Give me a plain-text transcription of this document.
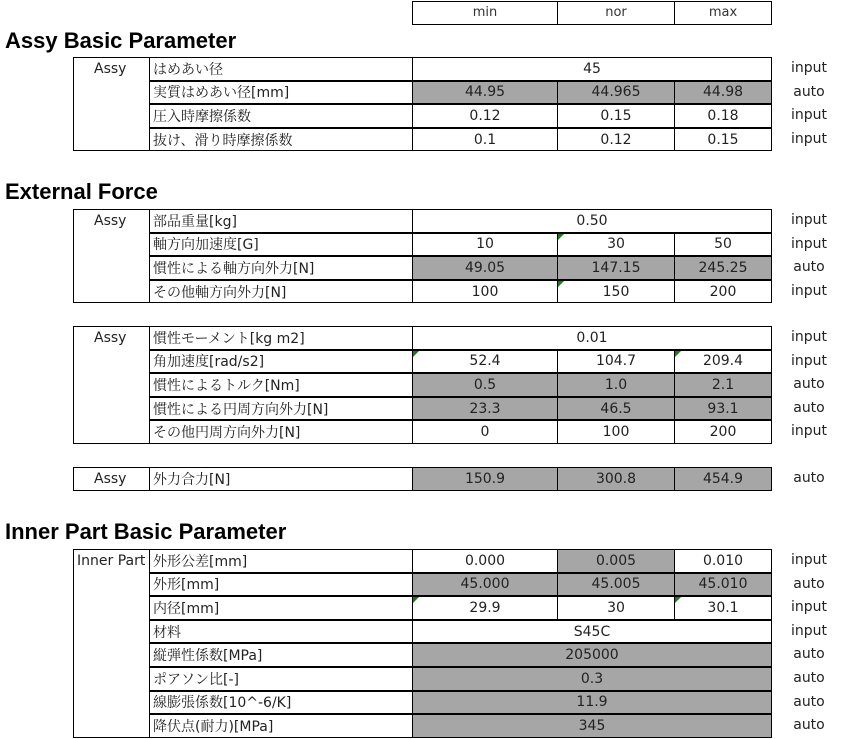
min	nor	max
Assy Basic Parameter
External Force
Inner Part Basic Parameter
Assy はめあい径	45	input
実質はめあい径[mm]	44.95	44.965	44.98	auto
圧入時摩擦係数	0.12	0.15	0.18	input
抜け、滑り時摩擦係数	0.1	0.12	0.15	input
Assy 部品重量[kg]	0.50	input
軸方向加速度[G]	10	30	50	input
慣性による軸方向外力[N]	49.05	147.15	245.25	auto
その他軸方向外力[N]	100	150	200	input
Assy 慣性モーメント[kg m2]	0.01	input
角加速度[rad/s2]	52.4	104.7	209.4	input
慣性によるトルク[Nm]	0.5	1.0	2.1	auto
慣性による円周方向外力[N]	23.3	46.5	93.1	auto
その他円周方向外力[N]	0	100	200	input
Assy 外力合力[N]	150.9	300.8	454.9	auto
Inner Part 外形公差[mm]	0.000	0.005	0.010	input
外形[mm]	45.000	45.005	45.010	auto
内径[mm]	29.9	30	30.1	input
材料	S45C	input
縦弾性係数[MPa]	205000	auto
ポアソン比[-]	0.3	auto
線膨張係数[10^-6/K]	11.9	auto
降伏点(耐力)[MPa]	345	auto
